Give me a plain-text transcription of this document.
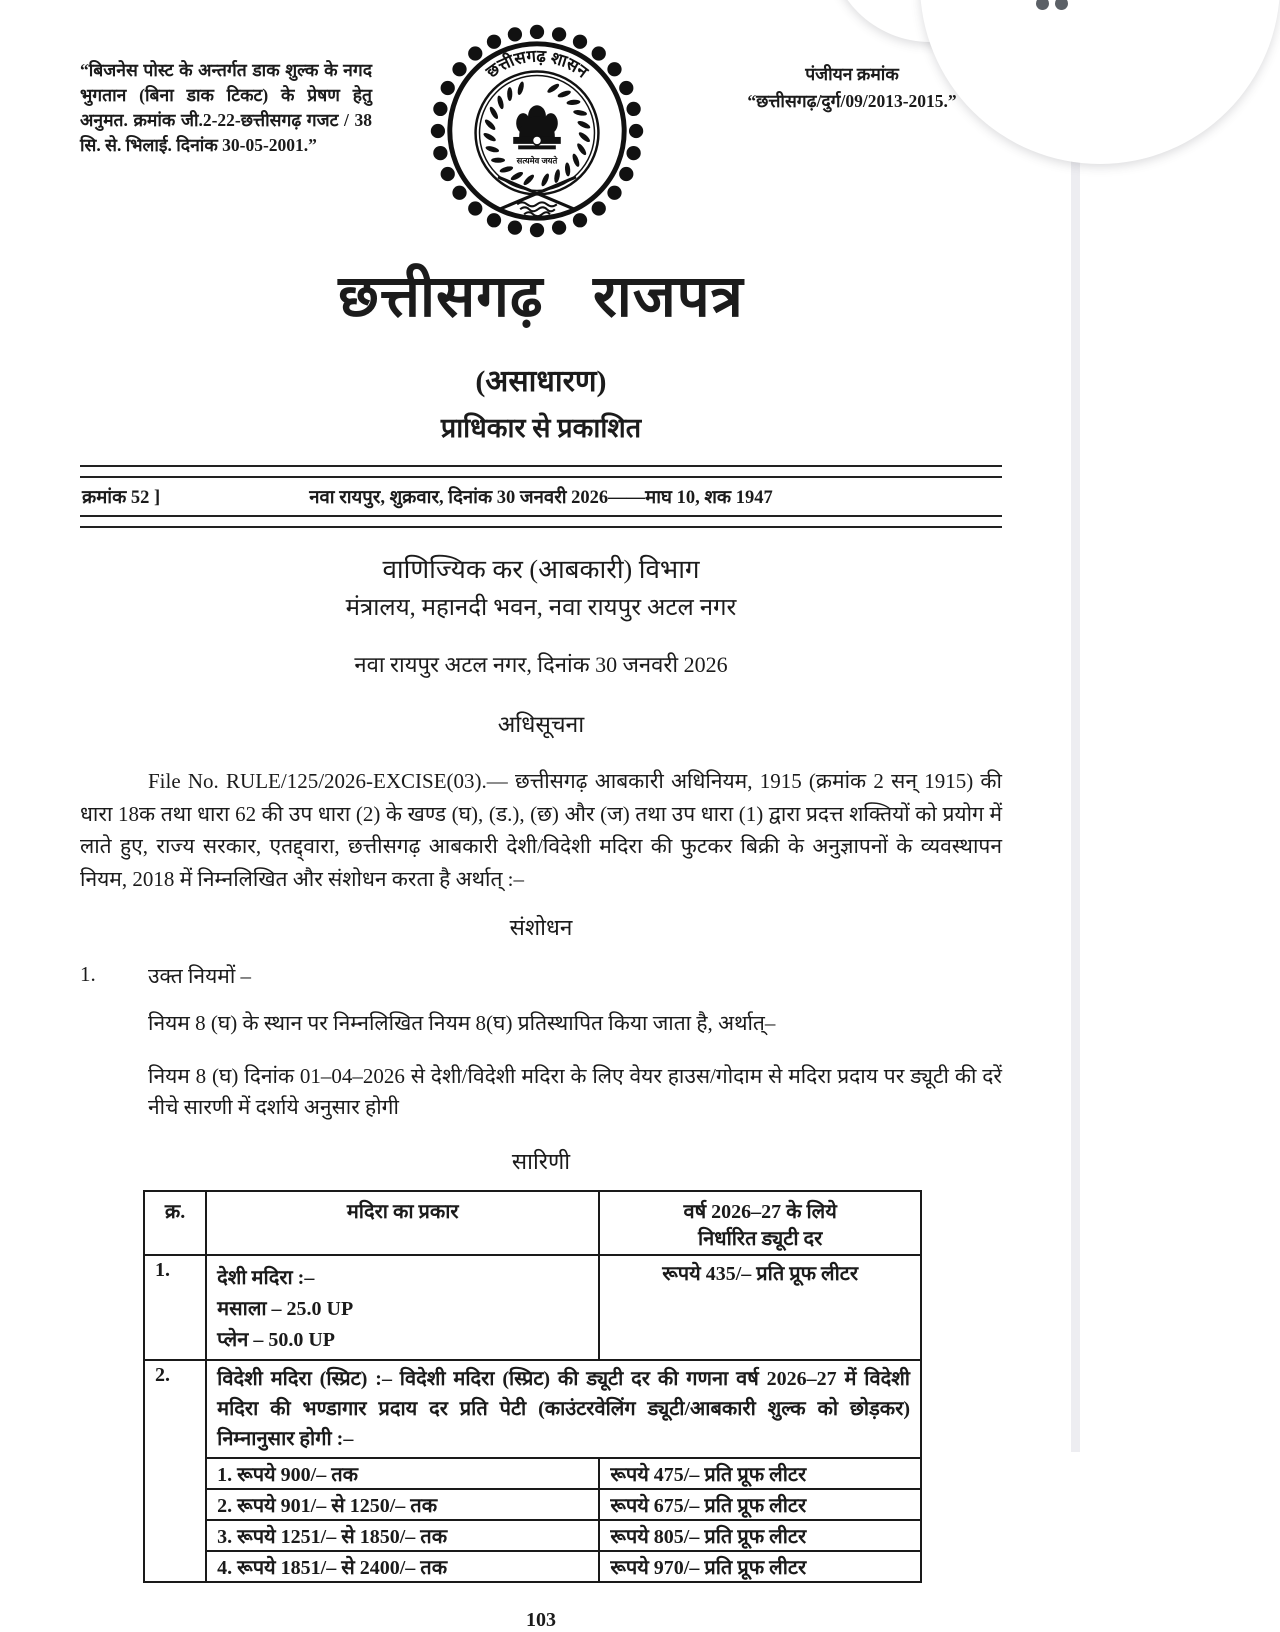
“बिजनेस पोस्ट के अन्तर्गत डाक शुल्क के नगद भुगतान (बिना डाक टिकट) के प्रेषण हेतु अनुमत. क्रमांक जी.2-22-छत्तीसगढ़ गजट / 38 सि. से. भिलाई. दिनांक 30-05-2001.”
छत्तीसगढ़ शासन
सत्यमेव जयते
पंजीयन क्रमांक
“छत्तीसगढ़/दुर्ग/09/2013-2015.”
छत्तीसगढ़ राजपत्र
(असाधारण)
प्राधिकार से प्रकाशित
क्रमांक 52 ]	नवा रायपुर, शुक्रवार, दिनांक 30 जनवरी 2026——माघ 10, शक 1947
वाणिज्यिक कर (आबकारी) विभाग
मंत्रालय, महानदी भवन, नवा रायपुर अटल नगर
नवा रायपुर अटल नगर, दिनांक 30 जनवरी 2026
अधिसूचना

File No. RULE/125/2026-EXCISE(03).— छत्तीसगढ़ आबकारी अधिनियम, 1915 (क्रमांक 2 सन् 1915) की धारा 18क तथा धारा 62 की उप धारा (2) के खण्ड (घ), (ड.), (छ) और (ज) तथा उप धारा (1) द्वारा प्रदत्त शक्तियों को प्रयोग में लाते हुए, राज्य सरकार, एतद्द्वारा, छत्तीसगढ़ आबकारी देशी/विदेशी मदिरा की फुटकर बिक्री के अनुज्ञापनों के व्यवस्थापन नियम, 2018 में निम्नलिखित और संशोधन करता है अर्थात् :–

संशोधन
1.	उक्त नियमों –

नियम 8 (घ) के स्थान पर निम्नलिखित नियम 8(घ) प्रतिस्थापित किया जाता है, अर्थात्–

नियम 8 (घ) दिनांक 01–04–2026 से देशी/विदेशी मदिरा के लिए वेयर हाउस/गोदाम से मदिरा प्रदाय पर ड्यूटी की दरें नीचे सारणी में दर्शाये अनुसार होगी

सारिणी
क्र.	मदिरा का प्रकार	वर्ष 2026–27 के लिये
निर्धारित ड्यूटी दर

1.	देशी मदिरा :–
मसाला – 25.0 UP
प्लेन – 50.0 UP	रूपये 435/– प्रति प्रूफ लीटर
2.	विदेशी मदिरा (स्प्रिट) :– विदेशी मदिरा (स्प्रिट) की ड्यूटी दर की गणना वर्ष 2026–27 में विदेशी मदिरा की भण्डागार प्रदाय दर प्रति पेटी (काउंटरवेलिंग ड्यूटी/आबकारी शुल्क को छोड़कर) निम्नानुसार होगी :–	
	1. रूपये 900/– तक	रूपये 475/– प्रति प्रूफ लीटर
	2. रूपये 901/– से 1250/– तक	रूपये 675/– प्रति प्रूफ लीटर
	3. रूपये 1251/– से 1850/– तक	रूपये 805/– प्रति प्रूफ लीटर
	4. रूपये 1851/– से 2400/– तक	रूपये 970/– प्रति प्रूफ लीटर
103
